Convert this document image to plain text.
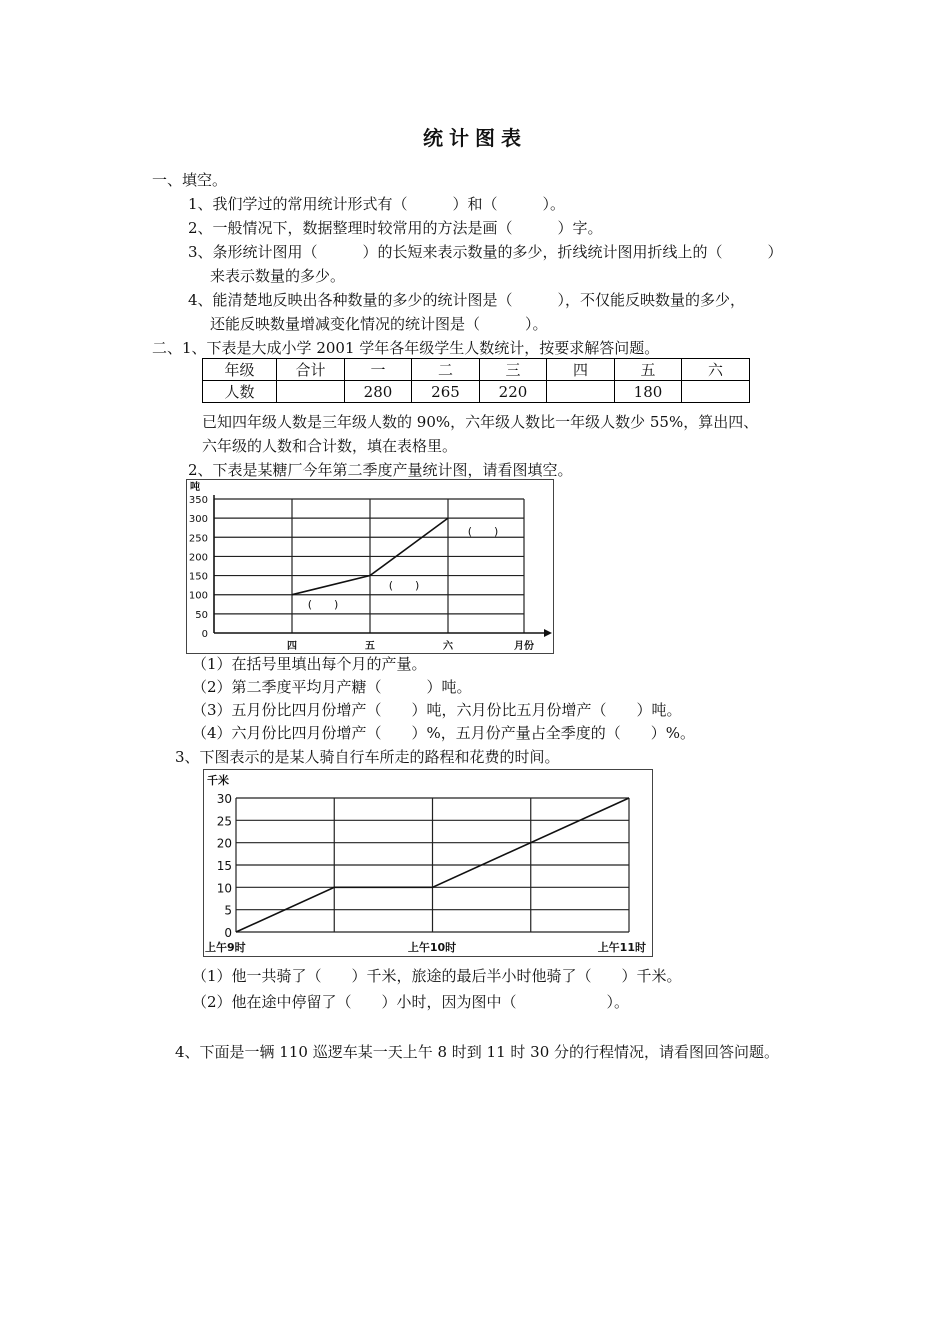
统计图表
一、填空。
1、我们学过的常用统计形式有（　　　）和（　　　）。
2、一般情况下，数据整理时较常用的方法是画（　　　）字。
3、条形统计图用（　　　）的长短来表示数量的多少，折线统计图用折线上的（　　　）
来表示数量的多少。
4、能清楚地反映出各种数量的多少的统计图是（　　　），不仅能反映数量的多少，
还能反映数量增减变化情况的统计图是（　　　）。
二、1、下表是大成小学 2001 学年各年级学生人数统计，按要求解答问题。
年级	合计	一	二	三	四	五	六
人数		280	265	220		180	
已知四年级人数是三年级人数的 90%，六年级人数比一年级人数少 55%，算出四、
六年级的人数和合计数，填在表格里。
2、下表是某糖厂今年第二季度产量统计图，请看图填空。
0
50
100
150
200
250
300
350
吨
四	五	六	月份
(　　)
(　　)
(　　)
（1）在括号里填出每个月的产量。
（2）第二季度平均月产糖（　　　）吨。
（3）五月份比四月份增产（　　）吨，六月份比五月份增产（　　）吨。
（4）六月份比四月份增产（　　）%，五月份产量占全季度的（　　）%。
3、下图表示的是某人骑自行车所走的路程和花费的时间。
0
5
10
15
20
25
30
千米
上午9时	上午10时	上午11时
（1）他一共骑了（　　）千米，旅途的最后半小时他骑了（　　）千米。
（2）他在途中停留了（　　）小时，因为图中（　　　　　　）。
4、下面是一辆 110 巡逻车某一天上午 8 时到 11 时 30 分的行程情况，请看图回答问题。
